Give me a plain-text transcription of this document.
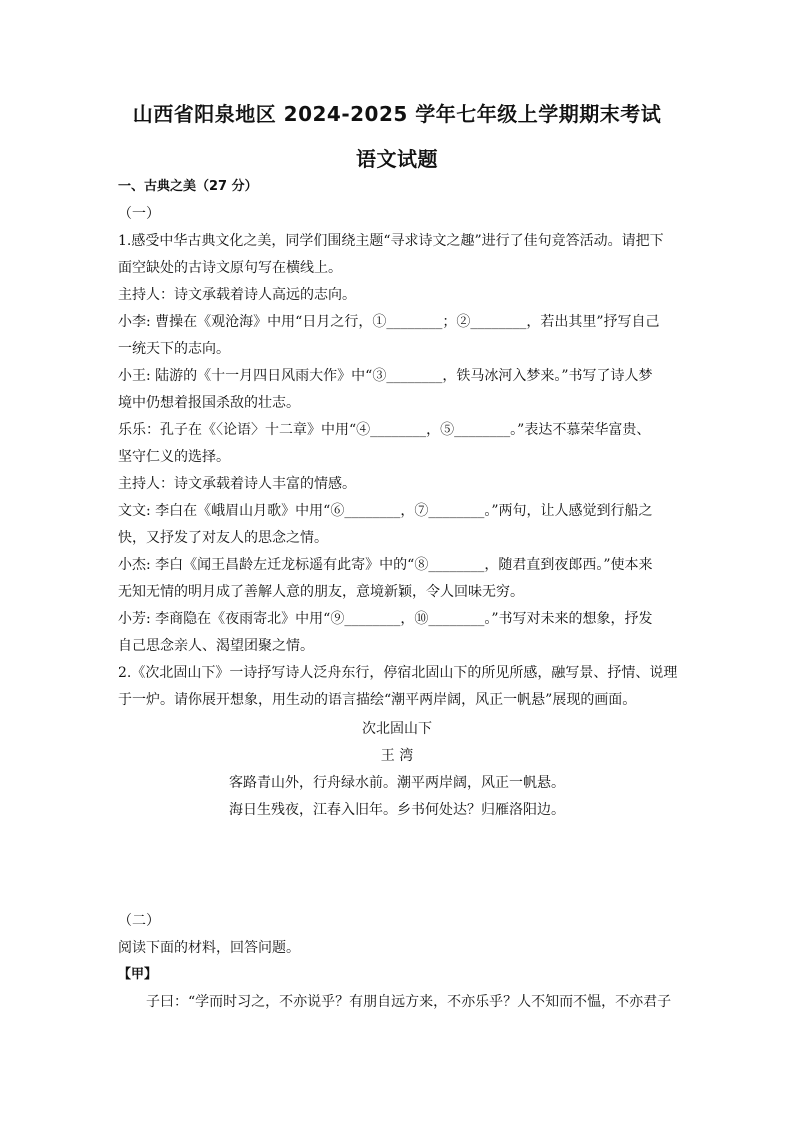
山西省阳泉地区 2024-2025 学年七年级上学期期末考试
语文试题
一、古典之美（27 分）
（一）
1.感受中华古典文化之美，同学们围绕主题“寻求诗文之趣”进行了佳句竞答活动。请把下
面空缺处的古诗文原句写在横线上。
主持人：诗文承载着诗人高远的志向。
小李: 曹操在《观沧海》中用“日月之行，①________；②________，若出其里”抒写自己
一统天下的志向。
小王: 陆游的《十一月四日风雨大作》中“③________，铁马冰河入梦来。”书写了诗人梦
境中仍想着报国杀敌的壮志。
乐乐：孔子在《〈论语〉十二章》中用“④________，⑤________。”表达不慕荣华富贵、
坚守仁义的选择。
主持人：诗文承载着诗人丰富的情感。
文文: 李白在《峨眉山月歌》中用“⑥________，⑦________。”两句，让人感觉到行船之
快，又抒发了对友人的思念之情。
小杰: 李白《闻王昌龄左迁龙标遥有此寄》中的“⑧________，随君直到夜郎西。”使本来
无知无情的明月成了善解人意的朋友，意境新颖，令人回味无穷。
小芳: 李商隐在《夜雨寄北》中用“⑨________，⑩________。”书写对未来的想象，抒发
自己思念亲人、渴望团聚之情。
2.《次北固山下》一诗抒写诗人泛舟东行，停宿北固山下的所见所感，融写景、抒情、说理
于一炉。请你展开想象，用生动的语言描绘“潮平两岸阔，风正一帆悬”展现的画面。
次北固山下
王 湾
客路青山外，行舟绿水前。潮平两岸阔，风正一帆悬。
海日生残夜，江春入旧年。乡书何处达？归雁洛阳边。
（二）
阅读下面的材料，回答问题。
【甲】
子曰：“学而时习之，不亦说乎？有朋自远方来，不亦乐乎？人不知而不愠，不亦君子
